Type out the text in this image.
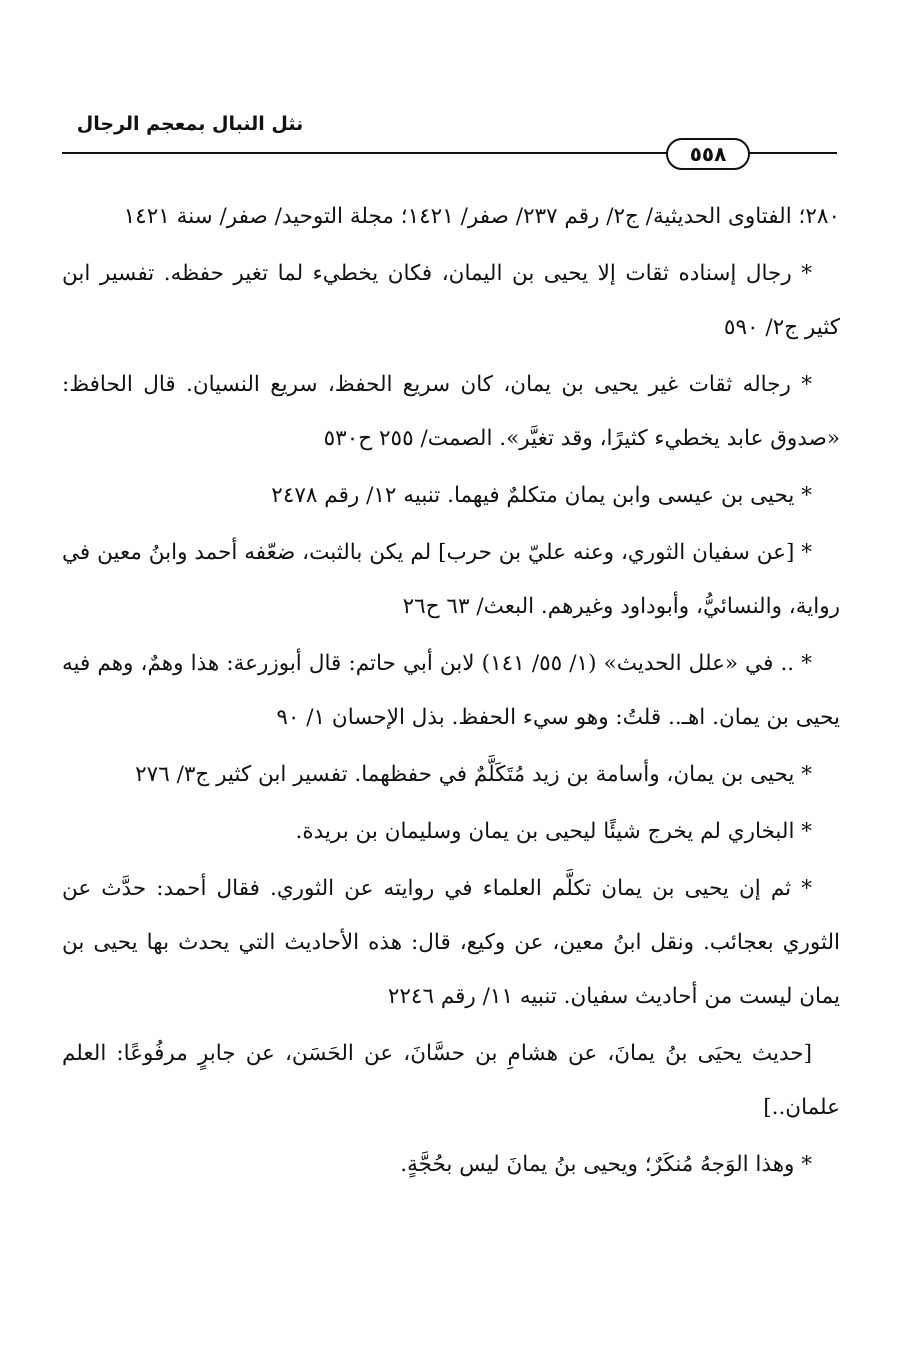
نثل النبال بمعجم الرجال
٥٥٨

٢٨٠؛ الفتاوى الحديثية/ ج٢/ رقم ٢٣٧/ صفر/ ١٤٢١؛ مجلة التوحيد/ صفر/ سنة ١٤٢١

* رجال إسناده ثقات إلا يحيى بن اليمان، فكان يخطيء لما تغير حفظه. تفسير ابن كثير ج٢/ ٥٩٠

* رجاله ثقات غير يحيى بن يمان، كان سريع الحفظ، سريع النسيان. قال الحافظ: «صدوق عابد يخطيء كثيرًا، وقد تغيَّر». الصمت/ ٢٥٥ ح٥٣٠

* يحيى بن عيسى وابن يمان متكلمٌ فيهما. تنبيه ١٢/ رقم ٢٤٧٨

* [عن سفيان الثوري، وعنه عليّ بن حرب] لم يكن بالثبت، ضعّفه أحمد وابنُ معين في رواية، والنسائيُّ، وأبوداود وغيرهم. البعث/ ٦٣ ح٢٦

* .. في «علل الحديث» (١/ ٥٥/ ١٤١) لابن أبي حاتم: قال أبوزرعة: هذا وهمٌ، وهم فيه يحيى بن يمان. اهـ.. قلتُ: وهو سيء الحفظ. بذل الإحسان ١/ ٩٠

* يحيى بن يمان، وأسامة بن زيد مُتَكَلَّمٌ في حفظهما. تفسير ابن كثير ج٣/ ٢٧٦

* البخاري لم يخرج شيئًا ليحيى بن يمان وسليمان بن بريدة.

* ثم إن يحيى بن يمان تكلَّم العلماء في روايته عن الثوري. فقال أحمد: حدَّث عن الثوري بعجائب. ونقل ابنُ معين، عن وكيع، قال: هذه الأحاديث التي يحدث بها يحيى بن يمان ليست من أحاديث سفيان. تنبيه ١١/ رقم ٢٢٤٦

[حديث يحيَى بنُ يمانَ، عن هشامِ بن حسَّانَ، عن الحَسَن، عن جابرٍ مرفُوعًا: العلم علمان..]

* وهذا الوَجهُ مُنكَرٌ؛ ويحيى بنُ يمانَ ليس بحُجَّةٍ.
